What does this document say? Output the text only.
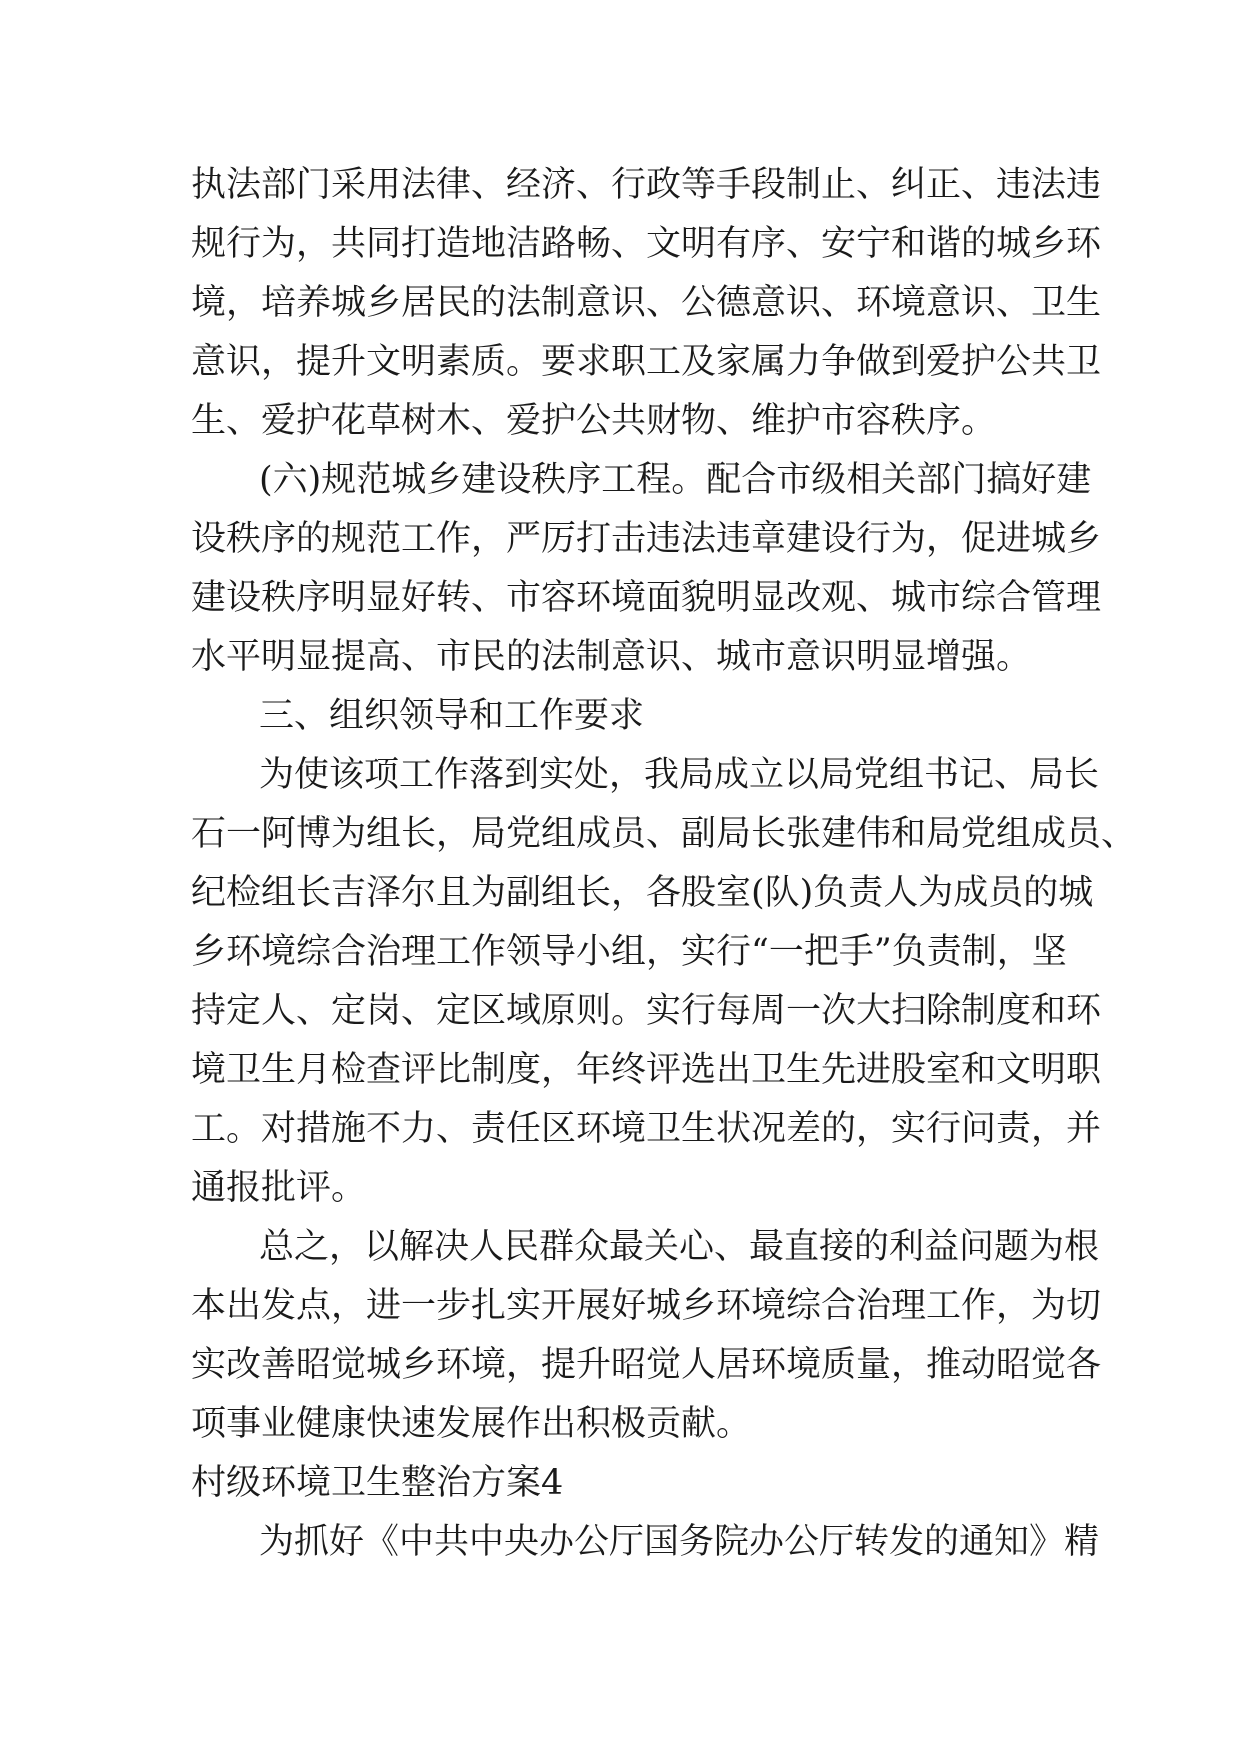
执法部门采用法律、经济、行政等手段制止、纠正、违法违
规行为，共同打造地洁路畅、文明有序、安宁和谐的城乡环
境，培养城乡居民的法制意识、公德意识、环境意识、卫生
意识，提升文明素质。要求职工及家属力争做到爱护公共卫
生、爱护花草树木、爱护公共财物、维护市容秩序。
(六)规范城乡建设秩序工程。配合市级相关部门搞好建
设秩序的规范工作，严厉打击违法违章建设行为，促进城乡
建设秩序明显好转、市容环境面貌明显改观、城市综合管理
水平明显提高、市民的法制意识、城市意识明显增强。
三、组织领导和工作要求
为使该项工作落到实处，我局成立以局党组书记、局长
石一阿博为组长，局党组成员、副局长张建伟和局党组成员、
纪检组长吉泽尔且为副组长，各股室(队)负责人为成员的城
乡环境综合治理工作领导小组，实行“一把手”负责制，坚
持定人、定岗、定区域原则。实行每周一次大扫除制度和环
境卫生月检查评比制度，年终评选出卫生先进股室和文明职
工。对措施不力、责任区环境卫生状况差的，实行问责，并
通报批评。
总之，以解决人民群众最关心、最直接的利益问题为根
本出发点，进一步扎实开展好城乡环境综合治理工作，为切
实改善昭觉城乡环境，提升昭觉人居环境质量，推动昭觉各
项事业健康快速发展作出积极贡献。
村级环境卫生整治方案4
为抓好《中共中央办公厅国务院办公厅转发的通知》精
